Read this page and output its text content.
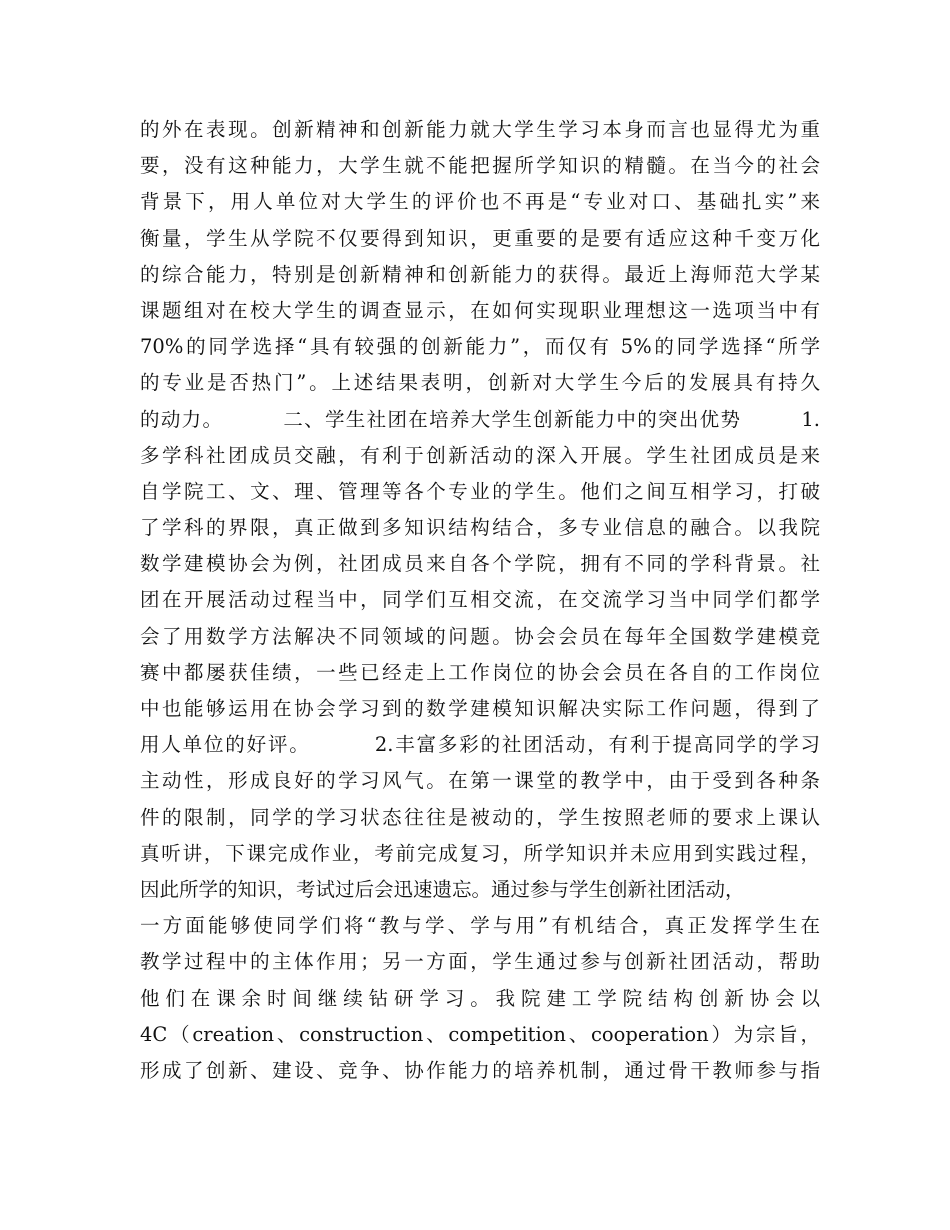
的外在表现。创新精神和创新能力就大学生学习本身而言也显得尤为重
要，没有这种能力，大学生就不能把握所学知识的精髓。在当今的社会
背景下，用人单位对大学生的评价也不再是“专业对口、基础扎实”来
衡量，学生从学院不仅要得到知识，更重要的是要有适应这种千变万化
的综合能力，特别是创新精神和创新能力的获得。最近上海师范大学某
课题组对在校大学生的调查显示，在如何实现职业理想这一选项当中有
70%的同学选择“具有较强的创新能力”，而仅有 5%的同学选择“所学
的专业是否热门”。上述结果表明，创新对大学生今后的发展具有持久
的动力。        二、学生社团在培养大学生创新能力中的突出优势        1.
多学科社团成员交融，有利于创新活动的深入开展。学生社团成员是来
自学院工、文、理、管理等各个专业的学生。他们之间互相学习，打破
了学科的界限，真正做到多知识结构结合，多专业信息的融合。以我院
数学建模协会为例，社团成员来自各个学院，拥有不同的学科背景。社
团在开展活动过程当中，同学们互相交流，在交流学习当中同学们都学
会了用数学方法解决不同领域的问题。协会会员在每年全国数学建模竞
赛中都屡获佳绩，一些已经走上工作岗位的协会会员在各自的工作岗位
中也能够运用在协会学习到的数学建模知识解决实际工作问题，得到了
用人单位的好评。        2.丰富多彩的社团活动，有利于提高同学的学习
主动性，形成良好的学习风气。在第一课堂的教学中，由于受到各种条
件的限制，同学的学习状态往往是被动的，学生按照老师的要求上课认
真听讲，下课完成作业，考前完成复习，所学知识并未应用到实践过程，
因此所学的知识，考试过后会迅速遗忘。通过参与学生创新社团活动，
一方面能够使同学们将“教与学、学与用”有机结合，真正发挥学生在
教学过程中的主体作用；另一方面，学生通过参与创新社团活动，帮助
他们在课余时间继续钻研学习。我院建工学院结构创新协会以
4C（creation、construction、competition、cooperation）为宗旨，
形成了创新、建设、竞争、协作能力的培养机制，通过骨干教师参与指
